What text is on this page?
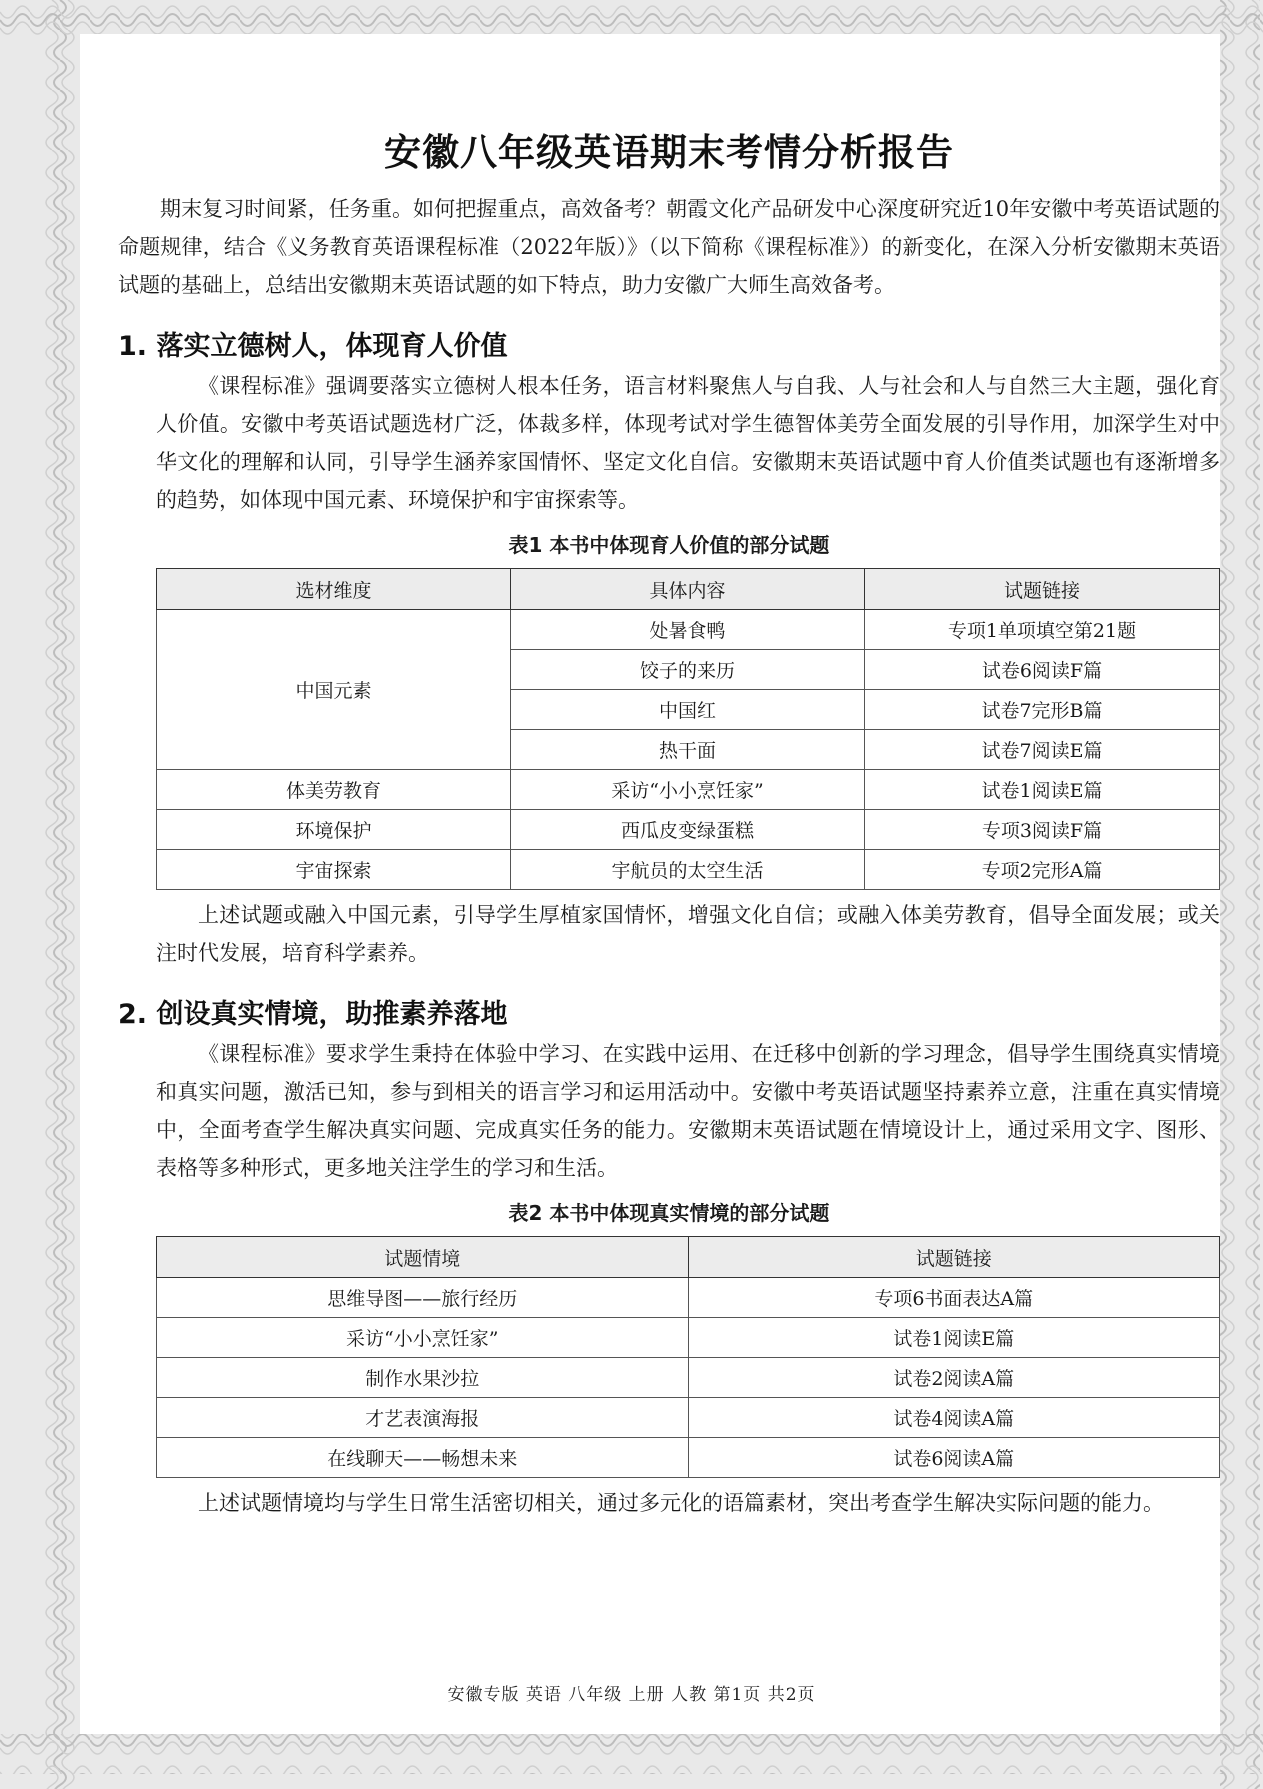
安徽八年级英语期末考情分析报告

期末复习时间紧，任务重。如何把握重点，高效备考？朝霞文化产品研发中心深度研究近10年安徽中考英语试题的命题规律，结合《义务教育英语课程标准（2022年版）》（以下简称《课程标准》）的新变化，在深入分析安徽期末英语试题的基础上，总结出安徽期末英语试题的如下特点，助力安徽广大师生高效备考。

1. 落实立德树人，体现育人价值

《课程标准》强调要落实立德树人根本任务，语言材料聚焦人与自我、人与社会和人与自然三大主题，强化育人价值。安徽中考英语试题选材广泛，体裁多样，体现考试对学生德智体美劳全面发展的引导作用，加深学生对中华文化的理解和认同，引导学生涵养家国情怀、坚定文化自信。安徽期末英语试题中育人价值类试题也有逐渐增多的趋势，如体现中国元素、环境保护和宇宙探索等。

表1 本书中体现育人价值的部分试题
选材维度	具体内容	试题链接
中国元素	处暑食鸭	专项1单项填空第21题
	饺子的来历	试卷6阅读F篇
	中国红	试卷7完形B篇
	热干面	试卷7阅读E篇
体美劳教育	采访“小小烹饪家”	试卷1阅读E篇
环境保护	西瓜皮变绿蛋糕	专项3阅读F篇
宇宙探索	宇航员的太空生活	专项2完形A篇

上述试题或融入中国元素，引导学生厚植家国情怀，增强文化自信；或融入体美劳教育，倡导全面发展；或关注时代发展，培育科学素养。

2. 创设真实情境，助推素养落地

《课程标准》要求学生秉持在体验中学习、在实践中运用、在迁移中创新的学习理念，倡导学生围绕真实情境和真实问题，激活已知，参与到相关的语言学习和运用活动中。安徽中考英语试题坚持素养立意，注重在真实情境中，全面考查学生解决真实问题、完成真实任务的能力。安徽期末英语试题在情境设计上，通过采用文字、图形、表格等多种形式，更多地关注学生的学习和生活。

表2 本书中体现真实情境的部分试题
试题情境	试题链接
思维导图——旅行经历	专项6书面表达A篇
采访“小小烹饪家”	试卷1阅读E篇
制作水果沙拉	试卷2阅读A篇
才艺表演海报	试卷4阅读A篇
在线聊天——畅想未来	试卷6阅读A篇

上述试题情境均与学生日常生活密切相关，通过多元化的语篇素材，突出考查学生解决实际问题的能力。

安徽专版 英语 八年级 上册 人教 第1页 共2页
